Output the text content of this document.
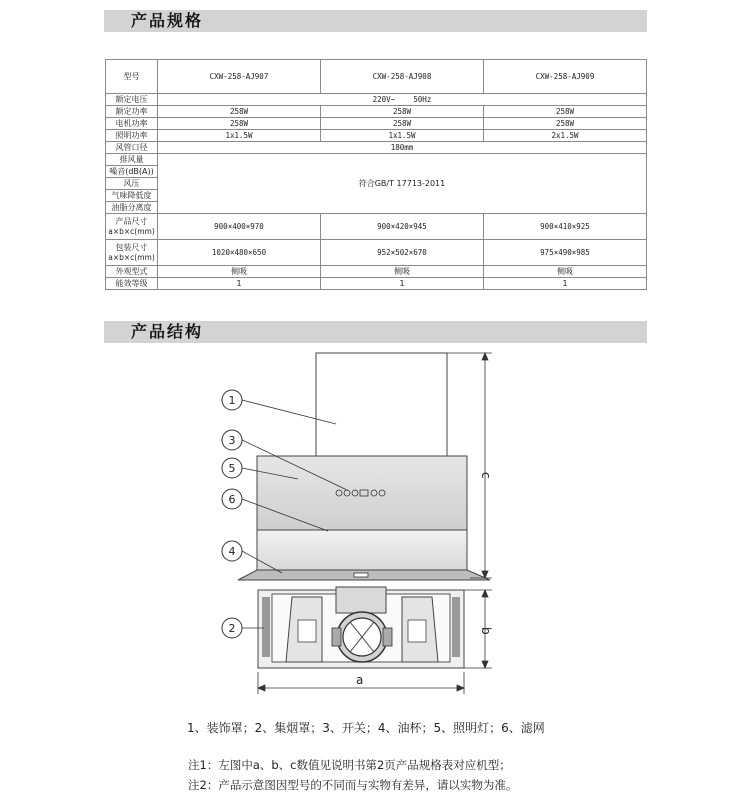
产品规格
型号	CXW-258-AJ907	CXW-258-AJ908	CXW-258-AJ909
额定电压	220V~    50Hz		
额定功率	258W	258W	258W
电机功率	258W	258W	258W
照明功率	1x1.5W	1x1.5W	2x1.5W
风管口径	180mm		
排风量	符合GB/T 17713-2011		
噪音(dB(A))			
风压			
气味降低度			
油脂分离度			
产品尺寸
a×b×c(mm)	900×400×970	900×420×945	900×410×925
包装尺寸
a×b×c(mm)	1020×480×650	952×502×670	975×490×985
外观型式	侧吸	侧吸	侧吸
能效等级	1	1	1
产品结构
c
b
a
1
3
5
6
4
2
1、装饰罩；2、集烟罩；3、开关；4、油杯；5、照明灯；6、滤网
注1：左图中a、b、c数值见说明书第2页产品规格表对应机型；
注2：产品示意图因型号的不同而与实物有差异，请以实物为准。
